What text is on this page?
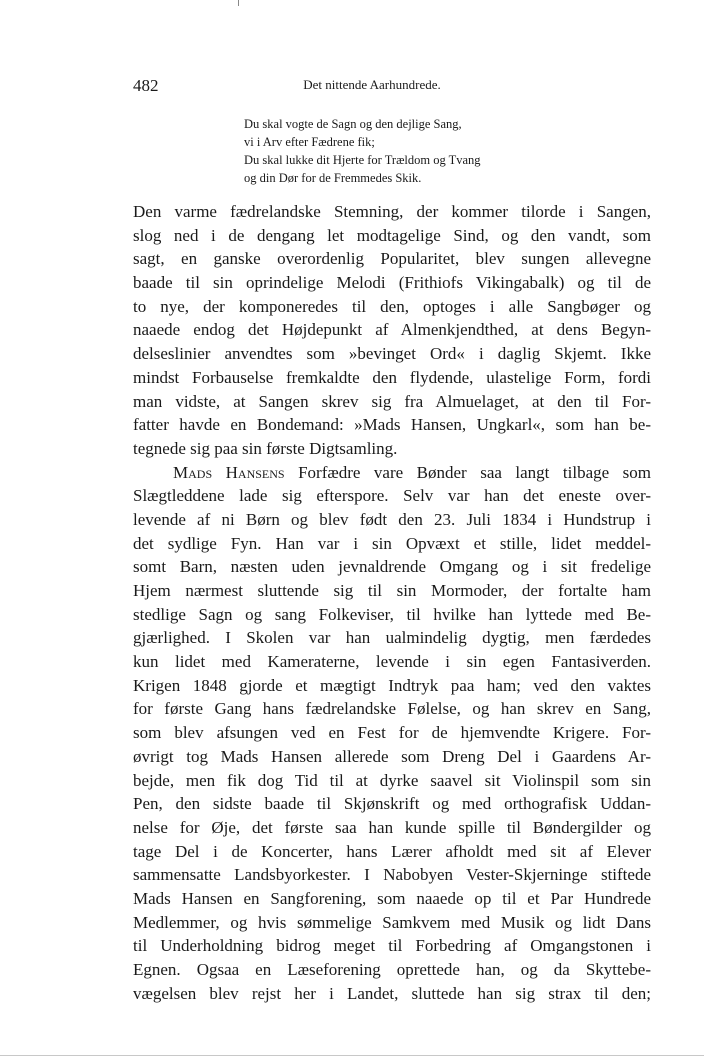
482	Det nittende Aarhundrede.
Du skal vogte de Sagn og den dejlige Sang,
vi i Arv efter Fædrene fik;
Du skal lukke dit Hjerte for Trældom og Tvang
og din Dør for de Fremmedes Skik.
Den varme fædrelandske Stemning, der kommer tilorde i Sangen,
slog ned i de dengang let modtagelige Sind, og den vandt, som
sagt, en ganske overordenlig Popularitet, blev sungen allevegne
baade til sin oprindelige Melodi (Frithiofs Vikingabalk) og til de
to nye, der komponeredes til den, optoges i alle Sangbøger og
naaede endog det Højdepunkt af Almenkjendthed, at dens Begyn-
delseslinier anvendtes som »bevinget Ord« i daglig Skjemt. Ikke
mindst Forbauselse fremkaldte den flydende, ulastelige Form, fordi
man vidste, at Sangen skrev sig fra Almuelaget, at den til For-
fatter havde en Bondemand: »Mads Hansen, Ungkarl«, som han be-
tegnede sig paa sin første Digtsamling.
Mads Hansens Forfædre vare Bønder saa langt tilbage som
Slægtleddene lade sig efterspore. Selv var han det eneste over-
levende af ni Børn og blev født den 23. Juli 1834 i Hundstrup i
det sydlige Fyn. Han var i sin Opvæxt et stille, lidet meddel-
somt Barn, næsten uden jevnaldrende Omgang og i sit fredelige
Hjem nærmest sluttende sig til sin Mormoder, der fortalte ham
stedlige Sagn og sang Folkeviser, til hvilke han lyttede med Be-
gjærlighed. I Skolen var han ualmindelig dygtig, men færdedes
kun lidet med Kameraterne, levende i sin egen Fantasiverden.
Krigen 1848 gjorde et mægtigt Indtryk paa ham; ved den vaktes
for første Gang hans fædrelandske Følelse, og han skrev en Sang,
som blev afsungen ved en Fest for de hjemvendte Krigere. For-
øvrigt tog Mads Hansen allerede som Dreng Del i Gaardens Ar-
bejde, men fik dog Tid til at dyrke saavel sit Violinspil som sin
Pen, den sidste baade til Skjønskrift og med orthografisk Uddan-
nelse for Øje, det første saa han kunde spille til Bøndergilder og
tage Del i de Koncerter, hans Lærer afholdt med sit af Elever
sammensatte Landsbyorkester. I Nabobyen Vester-Skjerninge stiftede
Mads Hansen en Sangforening, som naaede op til et Par Hundrede
Medlemmer, og hvis sømmelige Samkvem med Musik og lidt Dans
til Underholdning bidrog meget til Forbedring af Omgangstonen i
Egnen. Ogsaa en Læseforening oprettede han, og da Skyttebe-
vægelsen blev rejst her i Landet, sluttede han sig strax til den;
